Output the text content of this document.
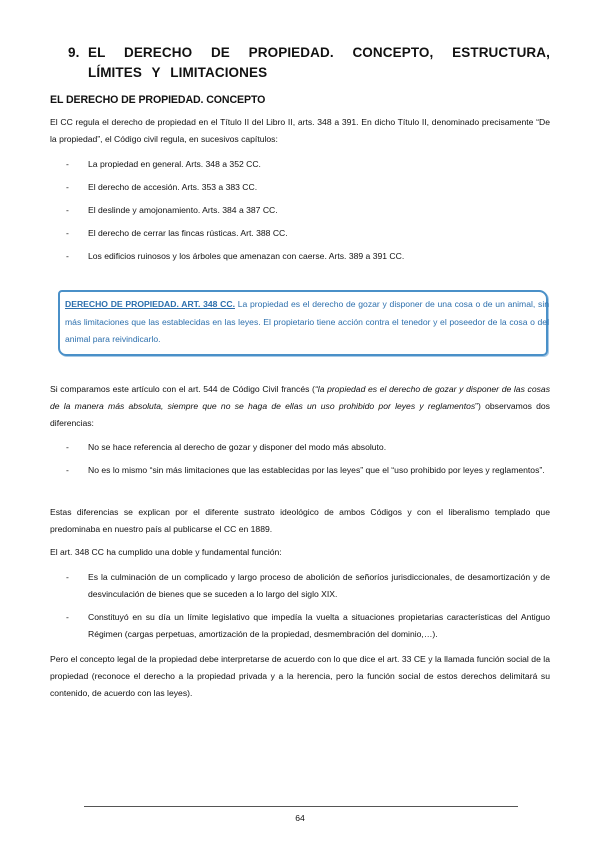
9. EL DERECHO DE PROPIEDAD. CONCEPTO, ESTRUCTURA, LÍMITES Y LIMITACIONES
EL DERECHO DE PROPIEDAD. CONCEPTO
El CC regula el derecho de propiedad en el Título II del Libro II, arts. 348 a 391. En dicho Título II, denominado precisamente “De la propiedad”, el Código civil regula, en sucesivos capítulos:
- La propiedad en general. Arts. 348 a 352 CC.
- El derecho de accesión. Arts. 353 a 383 CC.
- El deslinde y amojonamiento. Arts. 384 a 387 CC.
- El derecho de cerrar las fincas rústicas. Art. 388 CC.
- Los edificios ruinosos y los árboles que amenazan con caerse. Arts. 389 a 391 CC.
DERECHO DE PROPIEDAD. ART. 348 CC. La propiedad es el derecho de gozar y disponer de una cosa o de un animal, sin más limitaciones que las establecidas en las leyes. El propietario tiene acción contra el tenedor y el poseedor de la cosa o del animal para reivindicarlo.
Si comparamos este artículo con el art. 544 de Código Civil francés (“la propiedad es el derecho de gozar y disponer de las cosas de la manera más absoluta, siempre que no se haga de ellas un uso prohibido por leyes y reglamentos”) observamos dos diferencias:
- No se hace referencia al derecho de gozar y disponer del modo más absoluto.
- No es lo mismo “sin más limitaciones que las establecidas por las leyes” que el “uso prohibido por leyes y reglamentos”.
Estas diferencias se explican por el diferente sustrato ideológico de ambos Códigos y con el liberalismo templado que predominaba en nuestro país al publicarse el CC en 1889.
El art. 348 CC ha cumplido una doble y fundamental función:
- Es la culminación de un complicado y largo proceso de abolición de señoríos jurisdiccionales, de desamortización y de desvinculación de bienes que se suceden a lo largo del siglo XIX.
- Constituyó en su día un límite legislativo que impedía la vuelta a situaciones propietarias características del Antiguo Régimen (cargas perpetuas, amortización de la propiedad, desmembración del dominio,…).
Pero el concepto legal de la propiedad debe interpretarse de acuerdo con lo que dice el art. 33 CE y la llamada función social de la propiedad (reconoce el derecho a la propiedad privada y a la herencia, pero la función social de estos derechos delimitará su contenido, de acuerdo con las leyes).
64
